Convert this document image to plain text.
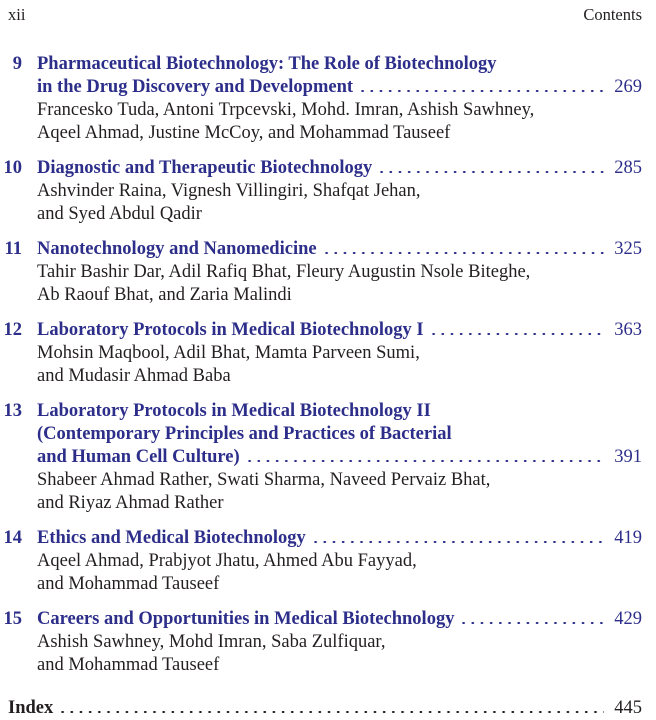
xii	Contents
9 Pharmaceutical Biotechnology: The Role of Biotechnology
in the Drug Discovery and Development	269
Francesko Tuda, Antoni Trpcevski, Mohd. Imran, Ashish Sawhney,
Aqeel Ahmad, Justine McCoy, and Mohammad Tauseef
10 Diagnostic and Therapeutic Biotechnology	285
Ashvinder Raina, Vignesh Villingiri, Shafqat Jehan,
and Syed Abdul Qadir
11 Nanotechnology and Nanomedicine	325
Tahir Bashir Dar, Adil Rafiq Bhat, Fleury Augustin Nsole Biteghe,
Ab Raouf Bhat, and Zaria Malindi
12 Laboratory Protocols in Medical Biotechnology I	363
Mohsin Maqbool, Adil Bhat, Mamta Parveen Sumi,
and Mudasir Ahmad Baba
13 Laboratory Protocols in Medical Biotechnology II
(Contemporary Principles and Practices of Bacterial
and Human Cell Culture)	391
Shabeer Ahmad Rather, Swati Sharma, Naveed Pervaiz Bhat,
and Riyaz Ahmad Rather
14 Ethics and Medical Biotechnology	419
Aqeel Ahmad, Prabjyot Jhatu, Ahmed Abu Fayyad,
and Mohammad Tauseef
15 Careers and Opportunities in Medical Biotechnology	429
Ashish Sawhney, Mohd Imran, Saba Zulfiquar,
and Mohammad Tauseef
Index	445
